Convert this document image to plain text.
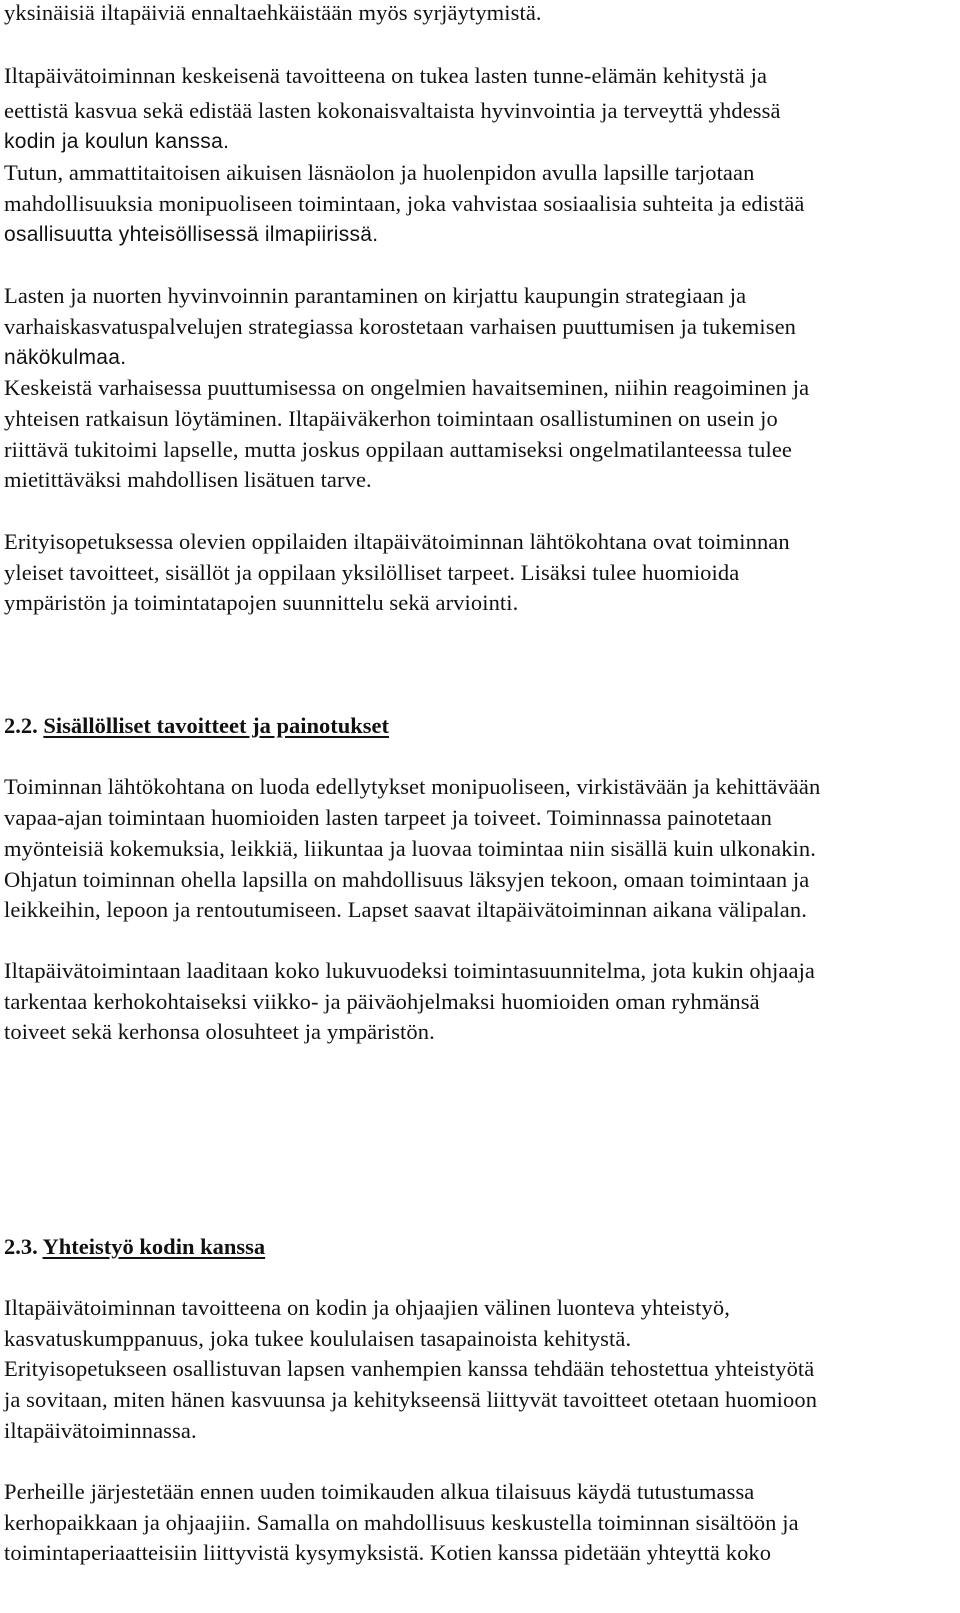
yksinäisiä iltapäiviä ennaltaehkäistään myös syrjäytymistä.
Iltapäivätoiminnan keskeisenä tavoitteena on tukea lasten tunne-elämän kehitystä ja
eettistä kasvua sekä edistää lasten kokonaisvaltaista hyvinvointia ja terveyttä yhdessä
kodin ja koulun kanssa.
Tutun, ammattitaitoisen aikuisen läsnäolon ja huolenpidon avulla lapsille tarjotaan
mahdollisuuksia monipuoliseen toimintaan, joka vahvistaa sosiaalisia suhteita ja edistää
osallisuutta yhteisöllisessä ilmapiirissä.
Lasten ja nuorten hyvinvoinnin parantaminen on kirjattu kaupungin strategiaan ja
varhaiskasvatuspalvelujen strategiassa korostetaan varhaisen puuttumisen ja tukemisen
näkökulmaa.
Keskeistä varhaisessa puuttumisessa on ongelmien havaitseminen, niihin reagoiminen ja
yhteisen ratkaisun löytäminen. Iltapäiväkerhon toimintaan osallistuminen on usein jo
riittävä tukitoimi lapselle, mutta joskus oppilaan auttamiseksi ongelmatilanteessa tulee
mietittäväksi mahdollisen lisätuen tarve.
Erityisopetuksessa olevien oppilaiden iltapäivätoiminnan lähtökohtana ovat toiminnan
yleiset tavoitteet, sisällöt ja oppilaan yksilölliset tarpeet. Lisäksi tulee huomioida
ympäristön ja toimintatapojen suunnittelu sekä arviointi.
2.2. Sisällölliset tavoitteet ja painotukset
Toiminnan lähtökohtana on luoda edellytykset monipuoliseen, virkistävään ja kehittävään
vapaa-ajan toimintaan huomioiden lasten tarpeet ja toiveet. Toiminnassa painotetaan
myönteisiä kokemuksia, leikkiä, liikuntaa ja luovaa toimintaa niin sisällä kuin ulkonakin.
Ohjatun toiminnan ohella lapsilla on mahdollisuus läksyjen tekoon, omaan toimintaan ja
leikkeihin, lepoon ja rentoutumiseen. Lapset saavat iltapäivätoiminnan aikana välipalan.
Iltapäivätoimintaan laaditaan koko lukuvuodeksi toimintasuunnitelma, jota kukin ohjaaja
tarkentaa kerhokohtaiseksi viikko- ja päiväohjelmaksi huomioiden oman ryhmänsä
toiveet sekä kerhonsa olosuhteet ja ympäristön.
2.3. Yhteistyö kodin kanssa
Iltapäivätoiminnan tavoitteena on kodin ja ohjaajien välinen luonteva yhteistyö,
kasvatuskumppanuus, joka tukee koululaisen tasapainoista kehitystä.
Erityisopetukseen osallistuvan lapsen vanhempien kanssa tehdään tehostettua yhteistyötä
ja sovitaan, miten hänen kasvuunsa ja kehitykseensä liittyvät tavoitteet otetaan huomioon
iltapäivätoiminnassa.
Perheille järjestetään ennen uuden toimikauden alkua tilaisuus käydä tutustumassa
kerhopaikkaan ja ohjaajiin. Samalla on mahdollisuus keskustella toiminnan sisältöön ja
toimintaperiaatteisiin liittyvistä kysymyksistä. Kotien kanssa pidetään yhteyttä koko
